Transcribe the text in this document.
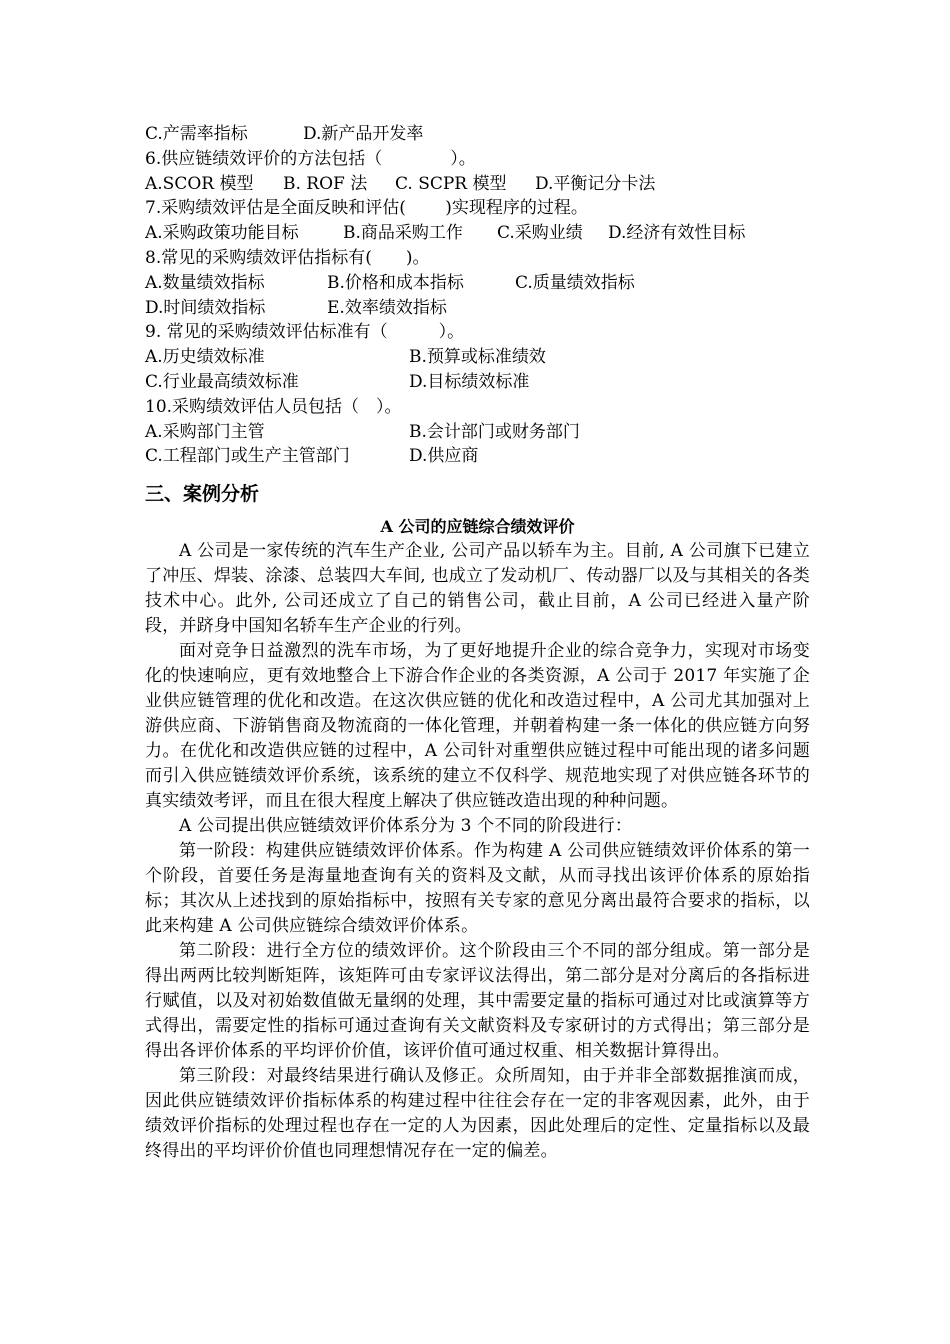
C.产需率指标	D.新产品开发率
6.供应链绩效评价的方法包括（　　　　）。
A.SCOR 模型 B. ROF 法 C. SCPR 模型 D.平衡记分卡法
7.采购绩效评估是全面反映和评估(　　 )实现程序的过程。
A.采购政策功能目标	B.商品采购工作 C.采购业绩 D.经济有效性目标
8.常见的采购绩效评估指标有(　　)。
A.数量绩效指标	B.价格和成本指标	C.质量绩效指标
D.时间绩效指标	E.效率绩效指标
9. 常见的采购绩效评估标准有（　　　）。
A.历史绩效标准	B.预算或标准绩效
C.行业最高绩效标准	D.目标绩效标准
10.采购绩效评估人员包括（　）。
A.采购部门主管	B.会计部门或财务部门
C.工程部门或生产主管部门	D.供应商
三、案例分析
A 公司的应链综合绩效评价

A 公司是一家传统的汽车生产企业, 公司产品以轿车为主。目前, A 公司旗下已建立了冲压、焊装、涂漆、总装四大车间, 也成立了发动机厂、传动器厂以及与其相关的各类技术中心。此外, 公司还成立了自己的销售公司，截止目前，A 公司已经进入量产阶段，并跻身中国知名轿车生产企业的行列。

面对竞争日益激烈的洗车市场，为了更好地提升企业的综合竞争力，实现对市场变化的快速响应，更有效地整合上下游合作企业的各类资源，A 公司于 2017 年实施了企业供应链管理的优化和改造。在这次供应链的优化和改造过程中，A 公司尤其加强对上游供应商、下游销售商及物流商的一体化管理，并朝着构建一条一体化的供应链方向努力。在优化和改造供应链的过程中，A 公司针对重塑供应链过程中可能出现的诸多问题而引入供应链绩效评价系统，该系统的建立不仅科学、规范地实现了对供应链各环节的真实绩效考评，而且在很大程度上解决了供应链改造出现的种种问题。

A 公司提出供应链绩效评价体系分为 3 个不同的阶段进行：

第一阶段：构建供应链绩效评价体系。作为构建 A 公司供应链绩效评价体系的第一个阶段，首要任务是海量地查询有关的资料及文献，从而寻找出该评价体系的原始指标；其次从上述找到的原始指标中，按照有关专家的意见分离出最符合要求的指标，以此来构建 A 公司供应链综合绩效评价体系。

第二阶段：进行全方位的绩效评价。这个阶段由三个不同的部分组成。第一部分是得出两两比较判断矩阵，该矩阵可由专家评议法得出，第二部分是对分离后的各指标进行赋值，以及对初始数值做无量纲的处理，其中需要定量的指标可通过对比或演算等方式得出，需要定性的指标可通过查询有关文献资料及专家研讨的方式得出；第三部分是得出各评价体系的平均评价价值，该评价值可通过权重、相关数据计算得出。

第三阶段：对最终结果进行确认及修正。众所周知，由于并非全部数据推演而成，因此供应链绩效评价指标体系的构建过程中往往会存在一定的非客观因素，此外，由于绩效评价指标的处理过程也存在一定的人为因素，因此处理后的定性、定量指标以及最终得出的平均评价价值也同理想情况存在一定的偏差。
